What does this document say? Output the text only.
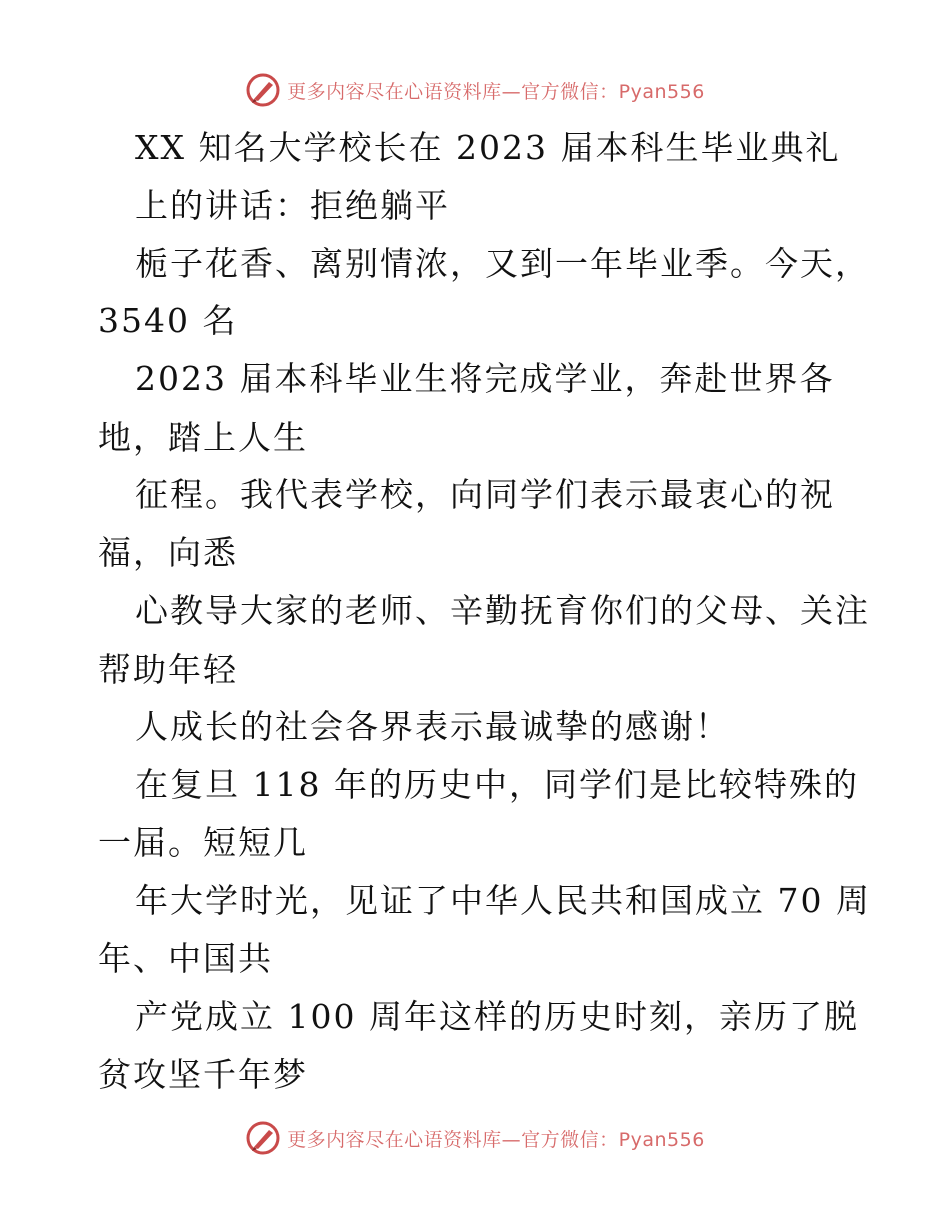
更多内容尽在心语资料库—官方微信：Pyan556
XX 知名大学校长在 2023 届本科生毕业典礼
上的讲话：拒绝躺平
栀子花香、离别情浓，又到一年毕业季。今天，
3540 名
2023 届本科毕业生将完成学业，奔赴世界各
地，踏上人生
征程。我代表学校，向同学们表示最衷心的祝
福，向悉
心教导大家的老师、辛勤抚育你们的父母、关注
帮助年轻
人成长的社会各界表示最诚挚的感谢！
在复旦 118 年的历史中，同学们是比较特殊的
一届。短短几
年大学时光，见证了中华人民共和国成立 70 周
年、中国共
产党成立 100 周年这样的历史时刻，亲历了脱
贫攻坚千年梦
更多内容尽在心语资料库—官方微信：Pyan556
